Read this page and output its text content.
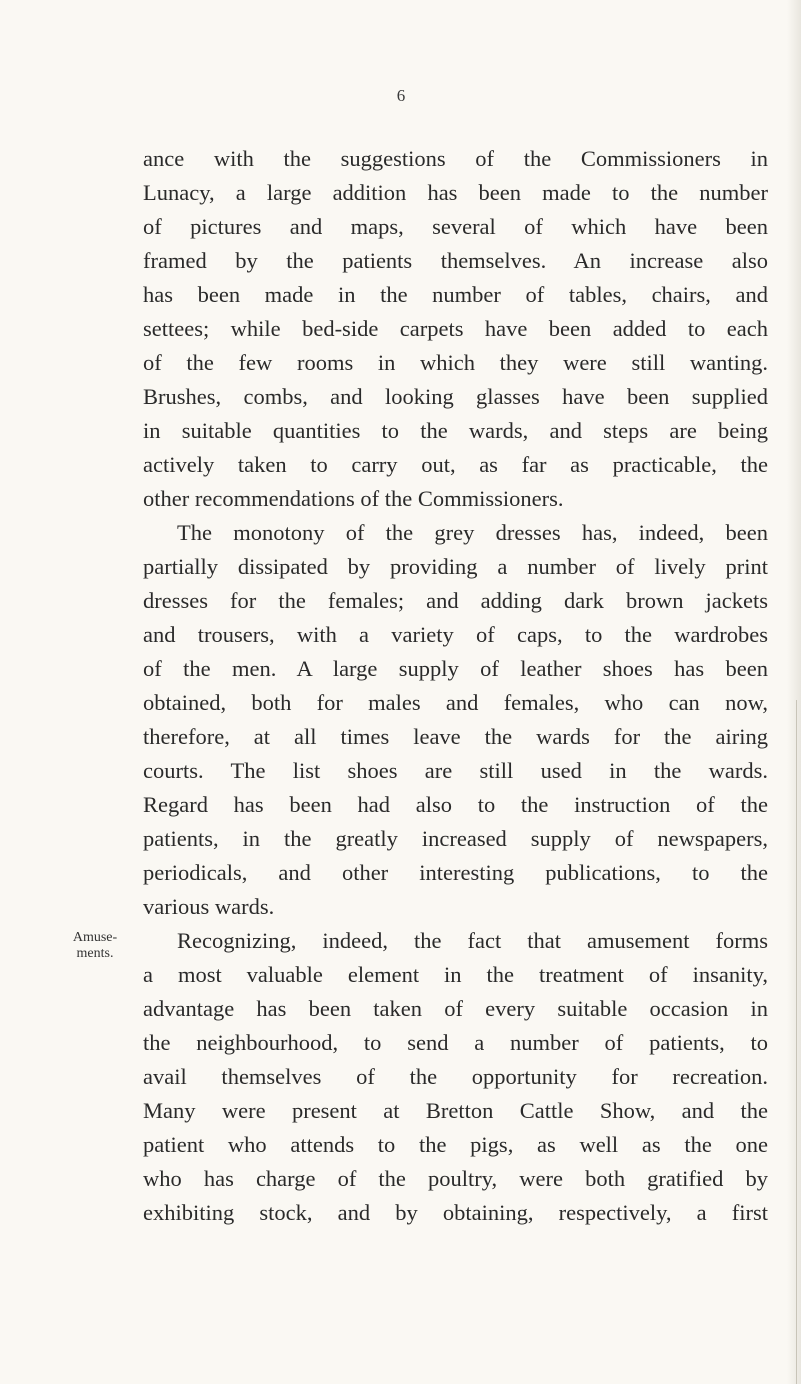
6
ance with the suggestions of the Commissioners in
Lunacy, a large addition has been made to the number
of pictures and maps, several of which have been
framed by the patients themselves. An increase also
has been made in the number of tables, chairs, and
settees; while bed-side carpets have been added to each
of the few rooms in which they were still wanting.
Brushes, combs, and looking glasses have been supplied
in suitable quantities to the wards, and steps are being
actively taken to carry out, as far as practicable, the
other recommendations of the Commissioners.
The monotony of the grey dresses has, indeed, been
partially dissipated by providing a number of lively print
dresses for the females; and adding dark brown jackets
and trousers, with a variety of caps, to the wardrobes
of the men. A large supply of leather shoes has been
obtained, both for males and females, who can now,
therefore, at all times leave the wards for the airing
courts. The list shoes are still used in the wards.
Regard has been had also to the instruction of the
patients, in the greatly increased supply of newspapers,
periodicals, and other interesting publications, to the
various wards.
Amuse-
ments.
Recognizing, indeed, the fact that amusement forms
a most valuable element in the treatment of insanity,
advantage has been taken of every suitable occasion in
the neighbourhood, to send a number of patients, to
avail themselves of the opportunity for recreation.
Many were present at Bretton Cattle Show, and the
patient who attends to the pigs, as well as the one
who has charge of the poultry, were both gratified by
exhibiting stock, and by obtaining, respectively, a first
